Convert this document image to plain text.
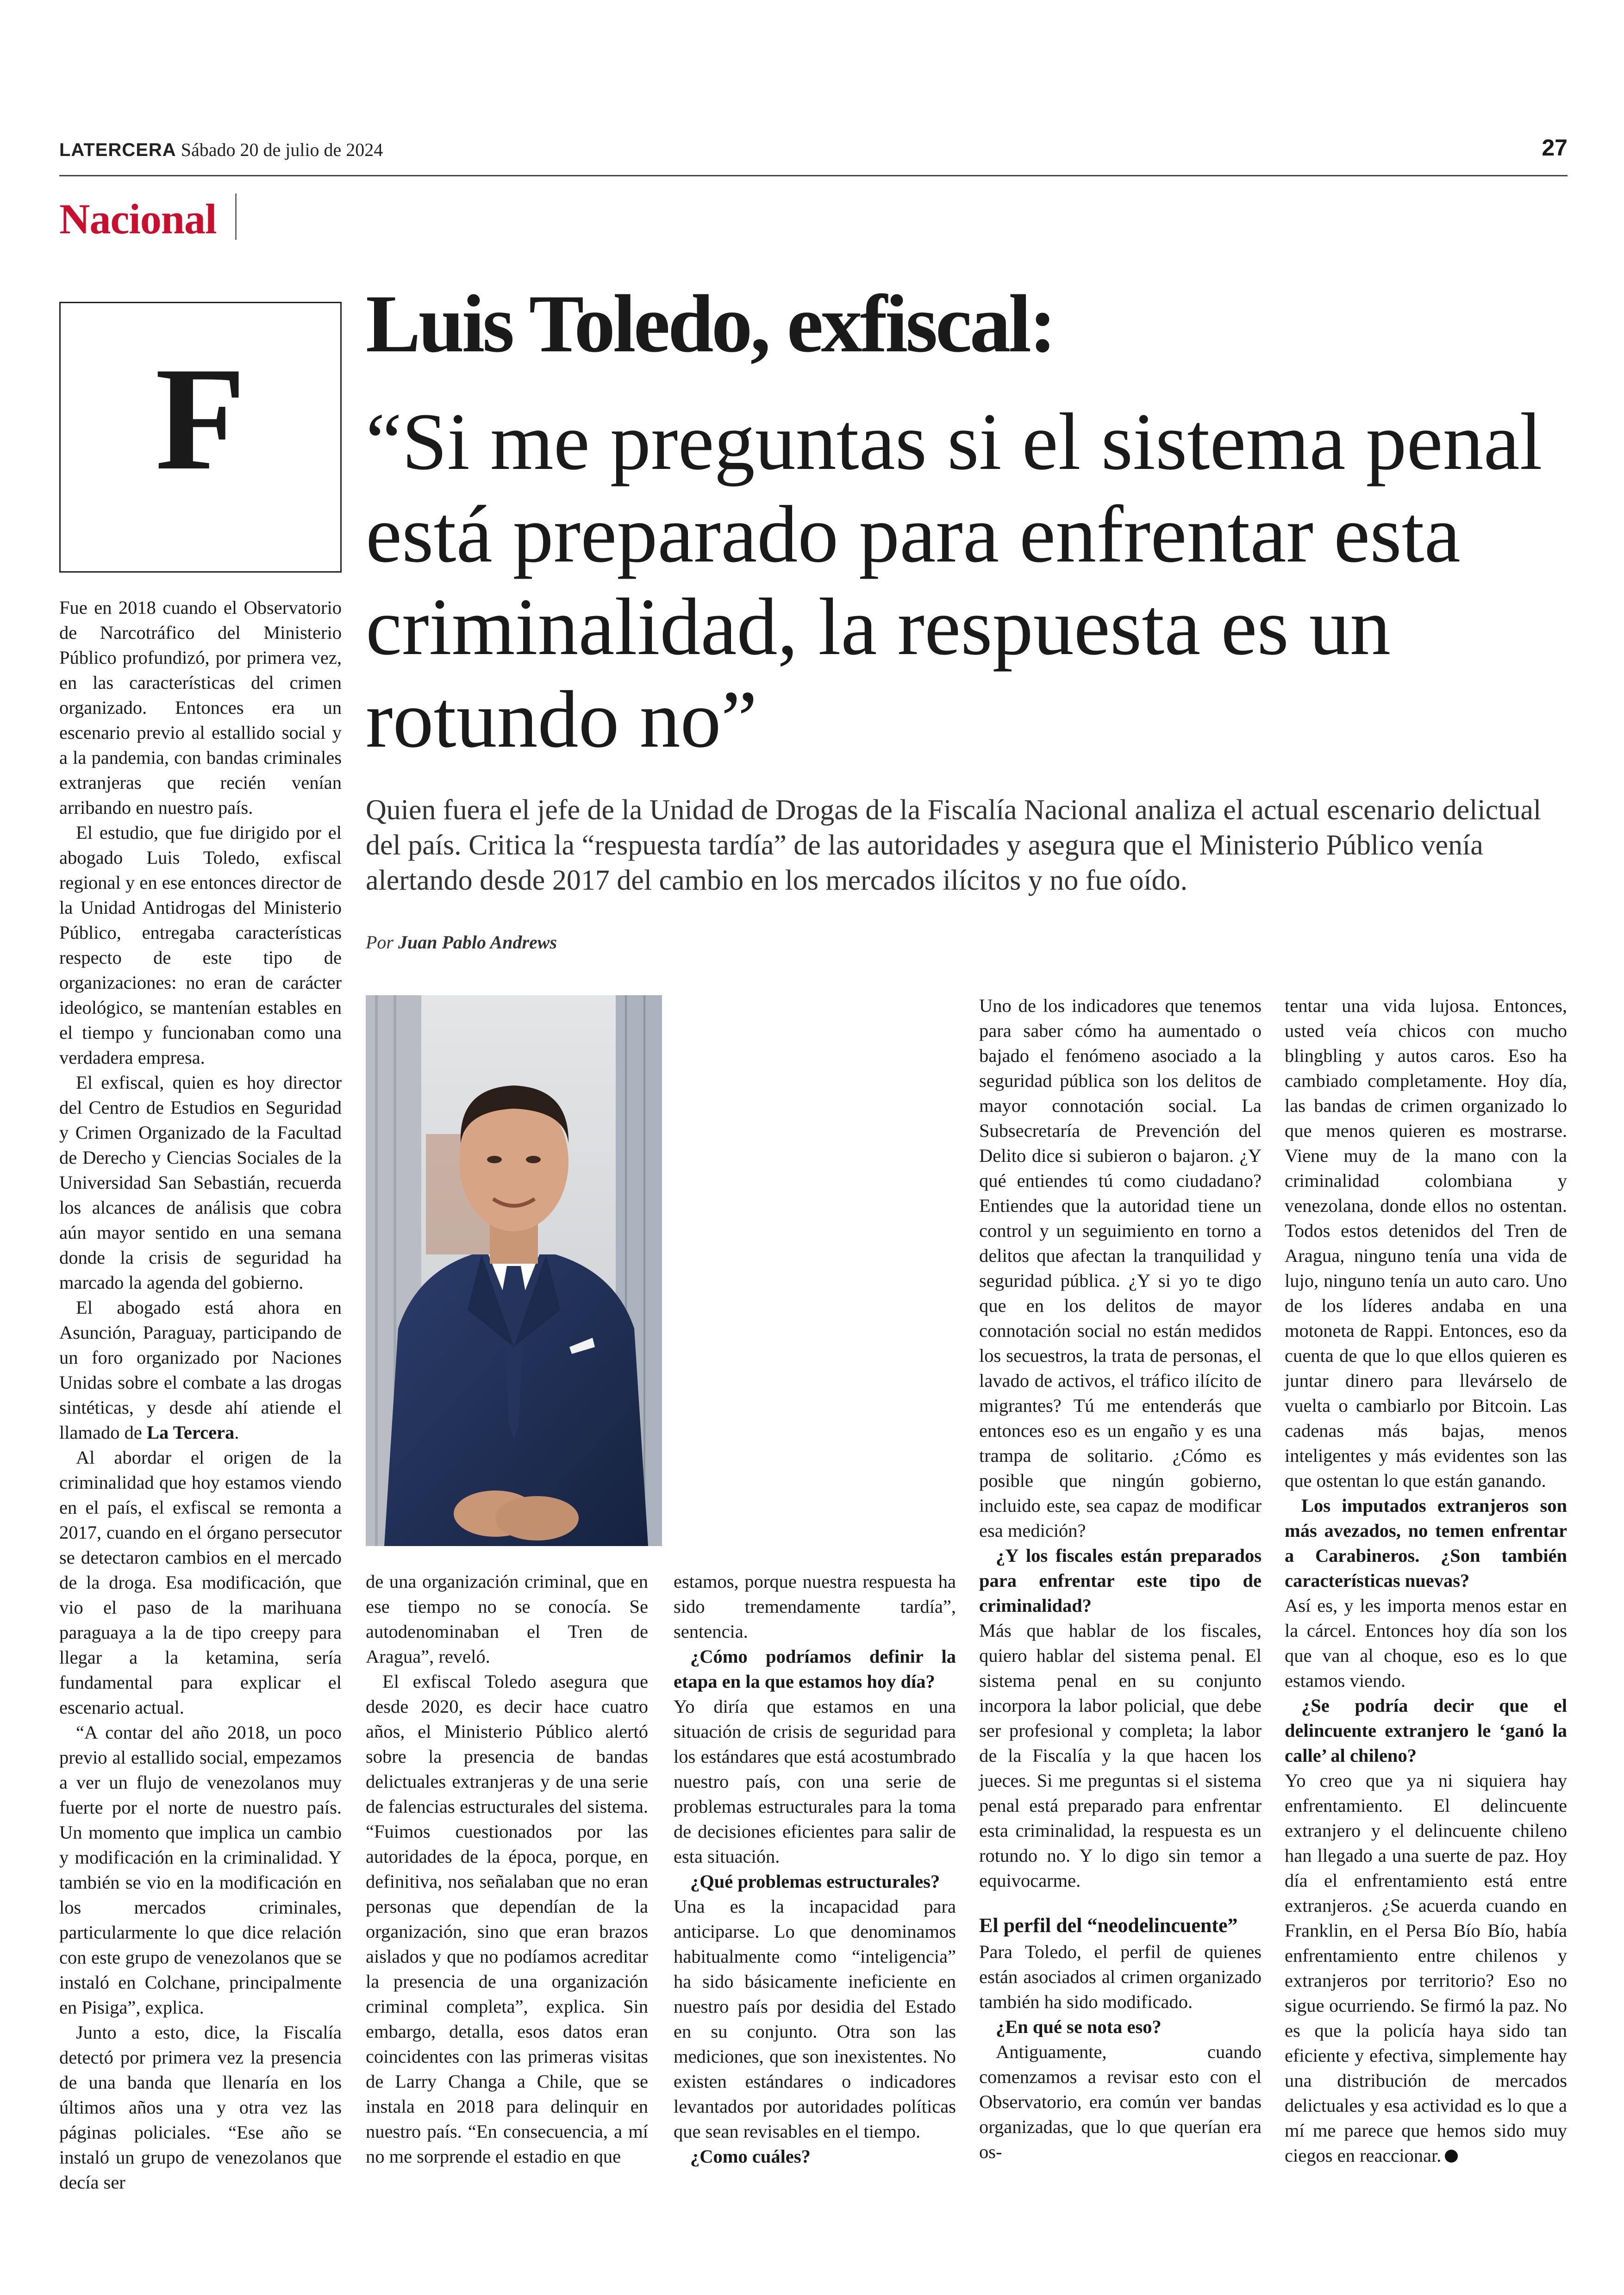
LATERCERA Sábado 20 de julio de 2024	27
Nacional
F
Luis Toledo, exfiscal:
“Si me preguntas si el sistema penal está preparado para enfrentar esta criminalidad, la respuesta es un rotundo no”
Quien fuera el jefe de la Unidad de Drogas de la Fiscalía Nacional analiza el actual escenario delictual del país. Critica la “respuesta tardía” de las autoridades y asegura que el Ministerio Público venía alertando desde 2017 del cambio en los mercados ilícitos y no fue oído.
Por Juan Pablo Andrews

Fue en 2018 cuando el Observatorio de Narcotráfico del Ministerio Público profundizó, por primera vez, en las características del crimen organizado. Entonces era un escenario previo al estallido social y a la pandemia, con bandas criminales extranjeras que recién venían arribando en nuestro país.

El estudio, que fue dirigido por el abogado Luis Toledo, exfiscal regional y en ese entonces director de la Unidad Antidrogas del Ministerio Público, entregaba características respecto de este tipo de organizaciones: no eran de carácter ideológico, se mantenían estables en el tiempo y funcionaban como una verdadera empresa.

El exfiscal, quien es hoy director del Centro de Estudios en Seguridad y Crimen Organizado de la Facultad de Derecho y Ciencias Sociales de la Universidad San Sebastián, recuerda los alcances de análisis que cobra aún mayor sentido en una semana donde la crisis de seguridad ha marcado la agenda del gobierno.

El abogado está ahora en Asunción, Paraguay, participando de un foro organizado por Naciones Unidas sobre el combate a las drogas sintéticas, y desde ahí atiende el llamado de La Tercera.

Al abordar el origen de la criminalidad que hoy estamos viendo en el país, el exfiscal se remonta a 2017, cuando en el órgano persecutor se detectaron cambios en el mercado de la droga. Esa modificación, que vio el paso de la marihuana paraguaya a la de tipo creepy para llegar a la ketamina, sería fundamental para explicar el escenario actual.

“A contar del año 2018, un poco previo al estallido social, empezamos a ver un flujo de venezolanos muy fuerte por el norte de nuestro país. Un momento que implica un cambio y modificación en la criminalidad. Y también se vio en la modificación en los mercados criminales, particularmente lo que dice relación con este grupo de venezolanos que se instaló en Colchane, principalmente en Pisiga”, explica.

Junto a esto, dice, la Fiscalía detectó por primera vez la presencia de una banda que llenaría en los últimos años una y otra vez las páginas policiales. “Ese año se instaló un grupo de venezolanos que decía ser

de una organización criminal, que en ese tiempo no se conocía. Se autodenominaban el Tren de Aragua”, reveló.

El exfiscal Toledo asegura que desde 2020, es decir hace cuatro años, el Ministerio Público alertó sobre la presencia de bandas delictuales extranjeras y de una serie de falencias estructurales del sistema. “Fuimos cuestionados por las autoridades de la época, porque, en definitiva, nos señalaban que no eran personas que dependían de la organización, sino que eran brazos aislados y que no podíamos acreditar la presencia de una organización criminal completa”, explica. Sin embargo, detalla, esos datos eran coincidentes con las primeras visitas de Larry Changa a Chile, que se instala en 2018 para delinquir en nuestro país. “En consecuencia, a mí no me sorprende el estadio en que

estamos, porque nuestra respuesta ha sido tremendamente tardía”, sentencia.

¿Cómo podríamos definir la etapa en la que estamos hoy día?

Yo diría que estamos en una situación de crisis de seguridad para los estándares que está acostumbrado nuestro país, con una serie de problemas estructurales para la toma de decisiones eficientes para salir de esta situación.

¿Qué problemas estructurales?

Una es la incapacidad para anticiparse. Lo que denominamos habitualmente como “inteligencia” ha sido básicamente ineficiente en nuestro país por desidia del Estado en su conjunto. Otra son las mediciones, que son inexistentes. No existen estándares o indicadores levantados por autoridades políticas que sean revisables en el tiempo.

¿Como cuáles?

Uno de los indicadores que tenemos para saber cómo ha aumentado o bajado el fenómeno asociado a la seguridad pública son los delitos de mayor connotación social. La Subsecretaría de Prevención del Delito dice si subieron o bajaron. ¿Y qué entiendes tú como ciudadano? Entiendes que la autoridad tiene un control y un seguimiento en torno a delitos que afectan la tranquilidad y seguridad pública. ¿Y si yo te digo que en los delitos de mayor connotación social no están medidos los secuestros, la trata de personas, el lavado de activos, el tráfico ilícito de migrantes? Tú me entenderás que entonces eso es un engaño y es una trampa de solitario. ¿Cómo es posible que ningún gobierno, incluido este, sea capaz de modificar esa medición?

¿Y los fiscales están preparados para enfrentar este tipo de criminalidad?

Más que hablar de los fiscales, quiero hablar del sistema penal. El sistema penal en su conjunto incorpora la labor policial, que debe ser profesional y completa; la labor de la Fiscalía y la que hacen los jueces. Si me preguntas si el sistema penal está preparado para enfrentar esta criminalidad, la respuesta es un rotundo no. Y lo digo sin temor a equivocarme.

El perfil del “neodelincuente”

Para Toledo, el perfil de quienes están asociados al crimen organizado también ha sido modificado.

¿En qué se nota eso?

Antiguamente, cuando comenzamos a revisar esto con el Observatorio, era común ver bandas organizadas, que lo que querían era os-

tentar una vida lujosa. Entonces, usted veía chicos con mucho blingbling y autos caros. Eso ha cambiado completamente. Hoy día, las bandas de crimen organizado lo que menos quieren es mostrarse. Viene muy de la mano con la criminalidad colombiana y venezolana, donde ellos no ostentan. Todos estos detenidos del Tren de Aragua, ninguno tenía una vida de lujo, ninguno tenía un auto caro. Uno de los líderes andaba en una motoneta de Rappi. Entonces, eso da cuenta de que lo que ellos quieren es juntar dinero para llevárselo de vuelta o cambiarlo por Bitcoin. Las cadenas más bajas, menos inteligentes y más evidentes son las que ostentan lo que están ganando.

Los imputados extranjeros son más avezados, no temen enfrentar a Carabineros. ¿Son también características nuevas?

Así es, y les importa menos estar en la cárcel. Entonces hoy día son los que van al choque, eso es lo que estamos viendo.

¿Se podría decir que el delincuente extranjero le ‘ganó la calle’ al chileno?

Yo creo que ya ni siquiera hay enfrentamiento. El delincuente extranjero y el delincuente chileno han llegado a una suerte de paz. Hoy día el enfrentamiento está entre extranjeros. ¿Se acuerda cuando en Franklin, en el Persa Bío Bío, había enfrentamiento entre chilenos y extranjeros por territorio? Eso no sigue ocurriendo. Se firmó la paz. No es que la policía haya sido tan eficiente y efectiva, simplemente hay una distribución de mercados delictuales y esa actividad es lo que a mí me parece que hemos sido muy ciegos en reaccionar.
